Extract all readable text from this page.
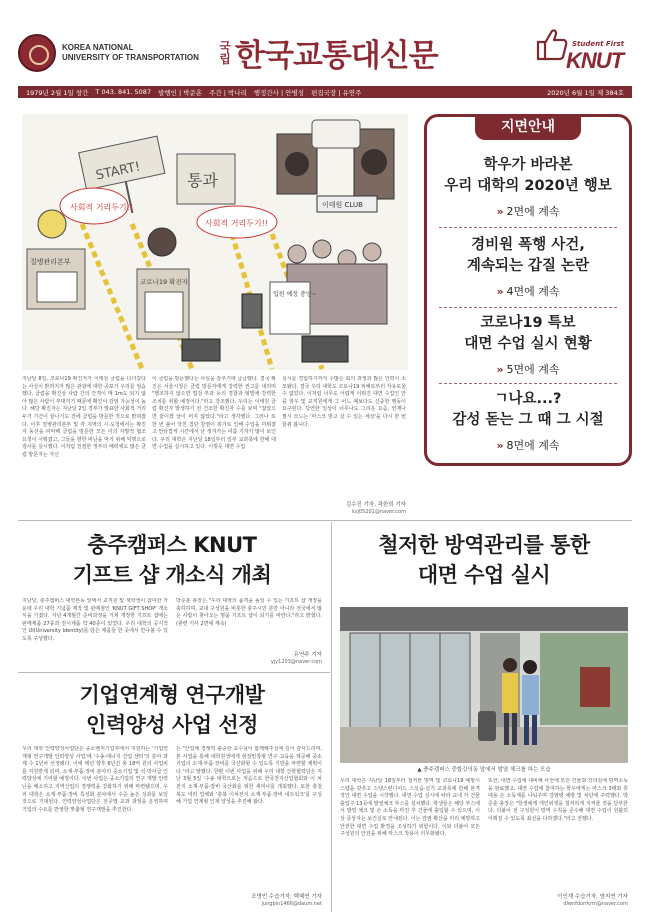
KOREA NATIONAL
UNIVERSITY OF TRANSPORTATION
국립 한국교통대신문	Student First
KNUT
1979년 2월 1일 창간 T 043. 841. 5087 발행인 | 박준훈 주간 | 박나리 행정간사 | 안병성 편집국장 | 유연주	2020년 6월 1일 제 384호
START!	통과
이태원 CLUB
질병관리본부
코로나19 확진자
사회적 거리두기!!
사회적 거리두기!!
입원 예정 중앙~
지면안내
학우가 바라본
우리 대학의 2020년 행보
» 2면에 계속
경비원 폭행 사건,
계속되는 갑질 논란
» 4면에 계속
코로나19 특보
대면 수업 실시 현황
» 5면에 계속
ㄱ나요...?
감성 돋는 그 때 그 시절
» 8면에 계속
지난달 8일, 코로나19 확진자가 이태원 클럽을 다녀갔다는 사실이 밝혀지자 많은 관광에 대한 공포가 우리를 엄습했다. 클럽을 확진상 사람 간의 간격이 매 1m도 되지 않아 많은 사람이 부대끼기 때문에 확진이 감염 가능성이 높다. 해당 확진자는 지난달 2일 경부가 발표한 사회적 거리두기 기간이 끝나기도 전에 클럽을 방문한 것으로 밝혀졌다. 이후 질병관리본부 및 각 지역의 시·도청에서는 확진자 동선을 파악해 클럽을 방문한 모든 이의 자발적 협조 요청이 이뤄졌고, 그들을 향한 비난을 막기 위해 익명으로 검사를 실시했다. 이처럼 친절한 정부의 배려에도 많은 클럽 방문자는 자신
이 클럽을 방문했다는 사실을 감추기에 급급했다. 결국 확진은 서울시청은 클럽 방문자에게 강력한 권고를 내리며 "행조하지 않으면 법검 부과 등의 경찰과 형벌에 강력한 조치를 취할 예정이다."라고 강조했다. 우리는 이태원 클럽 확진자 발생하기 전 건조한 확진자 수를 보며 "잡았으면 끝이겠 날이 머지 않았다."라고 생각했다. 그러나 또 한 번 불어 닥친 집단 감염이 위기로 인해 수업을 미뤄졌고 안타깝게 시간에서 난 생겨가는 여름 기자가 많이 보인다. 우리 대학은 지난달 18일부터 일부 교과목에 한해 대면 수업을 실시하고 있다. 이렇듯 대면 수업
실시를 경험하기까지 수많은 회의 과정과 많은 인력이 소모됐다. 결국 우리 대학도 코로나19 피해로부터 자유로울 수 없었다. 이처럼 너무도 어렵게 이뤄진 대면 수업인 만큼 학우 및 교직원에게 그 어느 때보다도 신중한 행동이 요구된다. 당연한 일상이 너무나도 그리운 요즘, 언제나 필시 모드는 '마스크 벗고 살 수 있는 세상'을 다시 한 번 꿈꿔 봅니다.
김수진 기자, 곽한희 기자
ksj05201@naver.com
충주캠퍼스 KNUT
기프트 샵 개소식 개최
지난달, 충주캠퍼스 대학본동 앞에서 교직원 및 재학생이 참여한 가운데 우리 대학 기념품 제작 및 판매점인 'KNUT GIFT SHOP' 개소식을 가졌다. 지난 4개월간 준비과정을 거쳐 개장한 기프트 샵에는 판매제품 27종과 전시제품 약 40종이 있었다. 우리 대학의 공식적인 UI(University Identity)를 담은 제품들 한 곳에서 만나볼 수 있도록 구성했다.
박준훈 총장은 "우리 대학의 품격을 높일 수 있는 기프트 샵 개장을 축하하며, 교내 구성원을 비롯한 충주시민 분만 아니라 전국에서 많은 사람이 찾아오는 명품 기프트 샵이 되기를 바란다."라고 밝혔다. (관련 기사 2면에 계속)
유연주 기자
yjy1203@naver.com
기업연계형 연구개발
인력양성 사업 선정
우리 대학 인력양성사업단은 중소벤처기업부에서 지원하는 '기업연계형 연구개발 인력양성 사업'에 '수송·에너지 산업 센터'의 분야 과제 수 1년차 선정됐다. 이에 매년 향후 6년간 총 18억 원의 사업비를 지원받게 되며, 소재·부품·장비 분야의 중소기업 및 석·박사급 인력양성에 기여할 예정이다. 이번 사업은 중소기업의 연구 개발 인력난을 해소하고 지역산업의 경쟁력을 강화하기 위해 마련됐으며, 우리 대학은 소재·부품·장비 특성화 분야에서 수준 높은 성과를 보일 것으로 기대된다. 인력양성사업단은 전공별 교과 과정을 운영하며 기업의 수요를 반영한 맞춤형 연구개발을 추진한다.
는 "산업에 경쟁력 출중한 교수님이 함께해주실에 깊이 감사드리며, 본 사업을 통해 대학원생에게 현장밀착형 연구 교육을 제공해 중소기업의 소재·부품·장비를 국산화할 수 있도록 기반을 마련할 계획이다."라고 말했다. 한편 이번 사업을 위해 우리 대학 산학협력단은 지난 3월 5일 '수송 대학으로는 처음으로 한국전자산업협회와 이 차전지 소재·부품·장비 국산화를 위한 세미나를 개최했다. 또한 충청북도 여러 업체와 '충북 이차전지 소재·부품·장비 네트워크'를 구성해 기업 연계형 인재 양성을 추진해 왔다.
조명빈 수습기자, 백혜연 기자
jungbin1466@daum.net
철저한 방역관리를 통한
대면 수업 실시
▲ 충주캠퍼스 중합강의동 앞에서 발열 체크를 하는 모습
우리 대학은 지난달 18일부터 철저한 방역 및 코로나19 예방시스템을 갖추고 스탠스턴디어드 스실습·실기 교과목에 한해 본격적인 대면 수업을 시작했다. 대면 수업 실시에 따라 교내 각 건물 출입구 13곳에 발열체크 부스를 설치했다. 학생들은 해당 부스에서 발열 체크 및 손 소독을 마친 후 건물에 출입할 수 있으며, 이상 증상자는 보건실로 안내된다. 이는 감염 확산을 미리 예방하고 안전한 대면 수업 환경을 조성하기 위함이다. 이와 더불어 모든 구성원의 안전을 위해 마스크 착용이 의무화됐다.
또한, 대면 수업에 대비해 사전에 모든 건물과 강의실에 방역소독을 완료했고, 대면 수업에 참여하는 학우에게는 마스크 3매와 휴대용 손 소독제를 나눠주며 강염병 예방 및 차단에 주력했다. 박준훈 총장은 "학생에게 개인위생을 철저하게 지켜줄 것을 당부한다. 더불어 전 구성원이 방역 수칙을 준수해 대면 수업이 원활히 이뤄질 수 있도록 최선을 다하겠다."라고 전했다.
이인재 수습기자, 염지연 기자
dlwnfdorrkrm@naver.com
